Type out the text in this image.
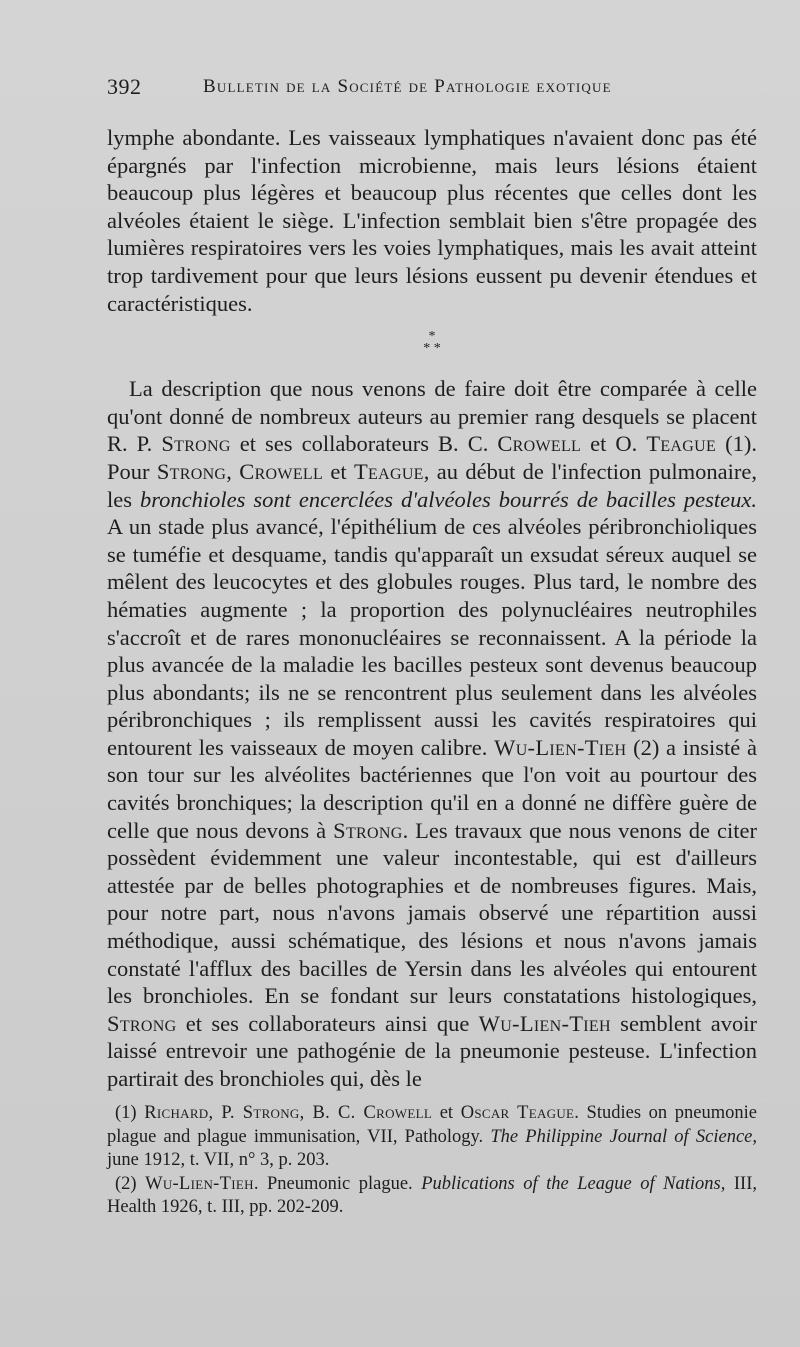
392	Bulletin de la Société de Pathologie exotique

lymphe abondante. Les vaisseaux lymphatiques n'avaient donc pas été épargnés par l'infection microbienne, mais leurs lésions étaient beaucoup plus légères et beaucoup plus récentes que celles dont les alvéoles étaient le siège. L'infection semblait bien s'être propagée des lumières respiratoires vers les voies lymphatiques, mais les avait atteint trop tardivement pour que leurs lésions eussent pu devenir étendues et caractéristiques.

*
* *

La description que nous venons de faire doit être comparée à celle qu'ont donné de nombreux auteurs au premier rang desquels se placent R. P. Strong et ses collaborateurs B. C. Crowell et O. Teague (1). Pour Strong, Crowell et Teague, au début de l'infection pulmonaire, les bronchioles sont encerclées d'alvéoles bourrés de bacilles pesteux. A un stade plus avancé, l'épithélium de ces alvéoles péribronchioliques se tuméfie et desquame, tandis qu'apparaît un exsudat séreux auquel se mêlent des leucocytes et des globules rouges. Plus tard, le nombre des hématies augmente ; la proportion des polynucléaires neutrophiles s'accroît et de rares mononucléaires se reconnaissent. A la période la plus avancée de la maladie les bacilles pesteux sont devenus beaucoup plus abondants; ils ne se rencontrent plus seulement dans les alvéoles péribronchiques ; ils remplissent aussi les cavités respiratoires qui entourent les vaisseaux de moyen calibre. Wu-Lien-Tieh (2) a insisté à son tour sur les alvéolites bactériennes que l'on voit au pourtour des cavités bronchiques; la description qu'il en a donné ne diffère guère de celle que nous devons à Strong. Les travaux que nous venons de citer possèdent évidemment une valeur incontestable, qui est d'ailleurs attestée par de belles photographies et de nombreuses figures. Mais, pour notre part, nous n'avons jamais observé une répartition aussi méthodique, aussi schématique, des lésions et nous n'avons jamais constaté l'afflux des bacilles de Yersin dans les alvéoles qui entourent les bronchioles. En se fondant sur leurs constatations histologiques, Strong et ses collaborateurs ainsi que Wu-Lien-Tieh semblent avoir laissé entrevoir une pathogénie de la pneumonie pesteuse. L'infection partirait des bronchioles qui, dès le

(1) Richard, P. Strong, B. C. Crowell et Oscar Teague. Studies on pneumonie plague and plague immunisation, VII, Pathology. The Philippine Journal of Science, june 1912, t. VII, n° 3, p. 203.

(2) Wu-Lien-Tieh. Pneumonic plague. Publications of the League of Nations, III, Health 1926, t. III, pp. 202-209.
